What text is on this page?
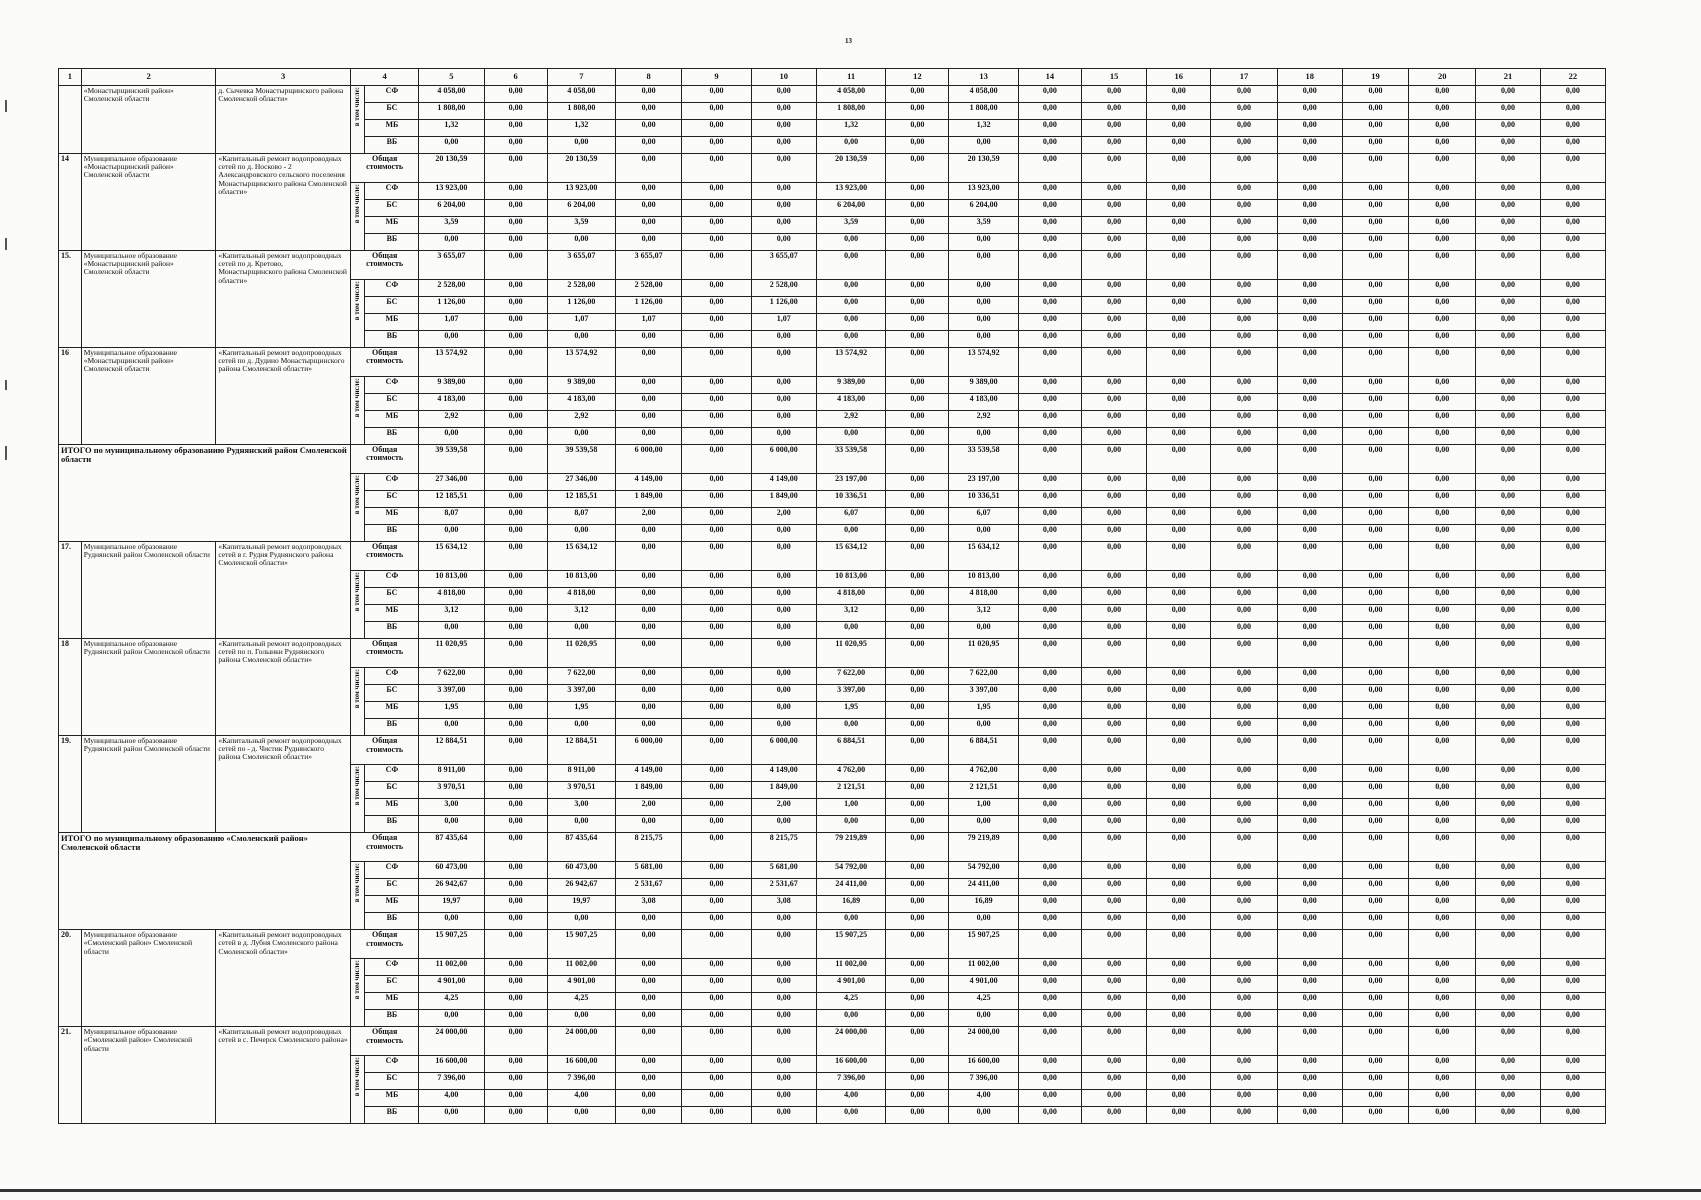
13
1	2	3	4		5	6	7	8	9	10	11	12	13	14	15	16	17	18	19	20	21	22
	«Монастырщинский район» Смоленской области	д. Сычевка Монастырщинского района Смоленской области»	в том числе:	СФ	4 058,00	0,00	4 058,00	0,00	0,00	0,00	4 058,00	0,00	4 058,00	0,00	0,00	0,00	0,00	0,00	0,00	0,00	0,00	0,00
				БС	1 808,00	0,00	1 808,00	0,00	0,00	0,00	1 808,00	0,00	1 808,00	0,00	0,00	0,00	0,00	0,00	0,00	0,00	0,00	0,00
				МБ	1,32	0,00	1,32	0,00	0,00	0,00	1,32	0,00	1,32	0,00	0,00	0,00	0,00	0,00	0,00	0,00	0,00	0,00
				ВБ	0,00	0,00	0,00	0,00	0,00	0,00	0,00	0,00	0,00	0,00	0,00	0,00	0,00	0,00	0,00	0,00	0,00	0,00
14	Муниципальное образование «Монастырщинский район» Смоленской области	«Капитальный ремонт водопроводных сетей по д. Носково - 2 Александровского сельского поселения Монастырщинского района Смоленской области»	Общая стоимость		20 130,59	0,00	20 130,59	0,00	0,00	0,00	20 130,59	0,00	20 130,59	0,00	0,00	0,00	0,00	0,00	0,00	0,00	0,00	0,00
			в том числе:	СФ	13 923,00	0,00	13 923,00	0,00	0,00	0,00	13 923,00	0,00	13 923,00	0,00	0,00	0,00	0,00	0,00	0,00	0,00	0,00	0,00
				БС	6 204,00	0,00	6 204,00	0,00	0,00	0,00	6 204,00	0,00	6 204,00	0,00	0,00	0,00	0,00	0,00	0,00	0,00	0,00	0,00
				МБ	3,59	0,00	3,59	0,00	0,00	0,00	3,59	0,00	3,59	0,00	0,00	0,00	0,00	0,00	0,00	0,00	0,00	0,00
				ВБ	0,00	0,00	0,00	0,00	0,00	0,00	0,00	0,00	0,00	0,00	0,00	0,00	0,00	0,00	0,00	0,00	0,00	0,00
15.	Муниципальное образование «Монастырщинский район» Смоленской области	«Капитальный ремонт водопроводных сетей по д. Кретово, Монастырщинского района Смоленской области»	Общая стоимость		3 655,07	0,00	3 655,07	3 655,07	0,00	3 655,07	0,00	0,00	0,00	0,00	0,00	0,00	0,00	0,00	0,00	0,00	0,00	0,00
			в том числе:	СФ	2 528,00	0,00	2 528,00	2 528,00	0,00	2 528,00	0,00	0,00	0,00	0,00	0,00	0,00	0,00	0,00	0,00	0,00	0,00	0,00
				БС	1 126,00	0,00	1 126,00	1 126,00	0,00	1 126,00	0,00	0,00	0,00	0,00	0,00	0,00	0,00	0,00	0,00	0,00	0,00	0,00
				МБ	1,07	0,00	1,07	1,07	0,00	1,07	0,00	0,00	0,00	0,00	0,00	0,00	0,00	0,00	0,00	0,00	0,00	0,00
				ВБ	0,00	0,00	0,00	0,00	0,00	0,00	0,00	0,00	0,00	0,00	0,00	0,00	0,00	0,00	0,00	0,00	0,00	0,00
16	Муниципальное образование «Монастырщинский район» Смоленской области	«Капитальный ремонт водопроводных сетей по д. Дудино Монастырщинского района Смоленской области»	Общая стоимость		13 574,92	0,00	13 574,92	0,00	0,00	0,00	13 574,92	0,00	13 574,92	0,00	0,00	0,00	0,00	0,00	0,00	0,00	0,00	0,00
			в том числе:	СФ	9 389,00	0,00	9 389,00	0,00	0,00	0,00	9 389,00	0,00	9 389,00	0,00	0,00	0,00	0,00	0,00	0,00	0,00	0,00	0,00
				БС	4 183,00	0,00	4 183,00	0,00	0,00	0,00	4 183,00	0,00	4 183,00	0,00	0,00	0,00	0,00	0,00	0,00	0,00	0,00	0,00
				МБ	2,92	0,00	2,92	0,00	0,00	0,00	2,92	0,00	2,92	0,00	0,00	0,00	0,00	0,00	0,00	0,00	0,00	0,00
				ВБ	0,00	0,00	0,00	0,00	0,00	0,00	0,00	0,00	0,00	0,00	0,00	0,00	0,00	0,00	0,00	0,00	0,00	0,00
ИТОГО по муниципальному образованию Руднянский район Смоленской области			Общая стоимость		39 539,58	0,00	39 539,58	6 000,00	0,00	6 000,00	33 539,58	0,00	33 539,58	0,00	0,00	0,00	0,00	0,00	0,00	0,00	0,00	0,00
			в том числе:	СФ	27 346,00	0,00	27 346,00	4 149,00	0,00	4 149,00	23 197,00	0,00	23 197,00	0,00	0,00	0,00	0,00	0,00	0,00	0,00	0,00	0,00
				БС	12 185,51	0,00	12 185,51	1 849,00	0,00	1 849,00	10 336,51	0,00	10 336,51	0,00	0,00	0,00	0,00	0,00	0,00	0,00	0,00	0,00
				МБ	8,07	0,00	8,07	2,00	0,00	2,00	6,07	0,00	6,07	0,00	0,00	0,00	0,00	0,00	0,00	0,00	0,00	0,00
				ВБ	0,00	0,00	0,00	0,00	0,00	0,00	0,00	0,00	0,00	0,00	0,00	0,00	0,00	0,00	0,00	0,00	0,00	0,00
17.	Муниципальное образование Руднянский район Смоленской области	«Капитальный ремонт водопроводных сетей в г. Рудня Руднянского района Смоленской области»	Общая стоимость		15 634,12	0,00	15 634,12	0,00	0,00	0,00	15 634,12	0,00	15 634,12	0,00	0,00	0,00	0,00	0,00	0,00	0,00	0,00	0,00
			в том числе:	СФ	10 813,00	0,00	10 813,00	0,00	0,00	0,00	10 813,00	0,00	10 813,00	0,00	0,00	0,00	0,00	0,00	0,00	0,00	0,00	0,00
				БС	4 818,00	0,00	4 818,00	0,00	0,00	0,00	4 818,00	0,00	4 818,00	0,00	0,00	0,00	0,00	0,00	0,00	0,00	0,00	0,00
				МБ	3,12	0,00	3,12	0,00	0,00	0,00	3,12	0,00	3,12	0,00	0,00	0,00	0,00	0,00	0,00	0,00	0,00	0,00
				ВБ	0,00	0,00	0,00	0,00	0,00	0,00	0,00	0,00	0,00	0,00	0,00	0,00	0,00	0,00	0,00	0,00	0,00	0,00
18	Муниципальное образование Руднянский район Смоленской области	«Капитальный ремонт водопроводных сетей по п. Голынки Руднянского района Смоленской области»	Общая стоимость		11 020,95	0,00	11 020,95	0,00	0,00	0,00	11 020,95	0,00	11 020,95	0,00	0,00	0,00	0,00	0,00	0,00	0,00	0,00	0,00
			в том числе:	СФ	7 622,00	0,00	7 622,00	0,00	0,00	0,00	7 622,00	0,00	7 622,00	0,00	0,00	0,00	0,00	0,00	0,00	0,00	0,00	0,00
				БС	3 397,00	0,00	3 397,00	0,00	0,00	0,00	3 397,00	0,00	3 397,00	0,00	0,00	0,00	0,00	0,00	0,00	0,00	0,00	0,00
				МБ	1,95	0,00	1,95	0,00	0,00	0,00	1,95	0,00	1,95	0,00	0,00	0,00	0,00	0,00	0,00	0,00	0,00	0,00
				ВБ	0,00	0,00	0,00	0,00	0,00	0,00	0,00	0,00	0,00	0,00	0,00	0,00	0,00	0,00	0,00	0,00	0,00	0,00
19.	Муниципальное образование Руднянский район Смоленской области	«Капитальный ремонт водопроводных сетей по - д. Чистик Руднянского района Смоленской области»	Общая стоимость		12 884,51	0,00	12 884,51	6 000,00	0,00	6 000,00	6 884,51	0,00	6 884,51	0,00	0,00	0,00	0,00	0,00	0,00	0,00	0,00	0,00
			в том числе:	СФ	8 911,00	0,00	8 911,00	4 149,00	0,00	4 149,00	4 762,00	0,00	4 762,00	0,00	0,00	0,00	0,00	0,00	0,00	0,00	0,00	0,00
				БС	3 970,51	0,00	3 970,51	1 849,00	0,00	1 849,00	2 121,51	0,00	2 121,51	0,00	0,00	0,00	0,00	0,00	0,00	0,00	0,00	0,00
				МБ	3,00	0,00	3,00	2,00	0,00	2,00	1,00	0,00	1,00	0,00	0,00	0,00	0,00	0,00	0,00	0,00	0,00	0,00
				ВБ	0,00	0,00	0,00	0,00	0,00	0,00	0,00	0,00	0,00	0,00	0,00	0,00	0,00	0,00	0,00	0,00	0,00	0,00
ИТОГО по муниципальному образованию «Смоленский район» Смоленской области			Общая стоимость		87 435,64	0,00	87 435,64	8 215,75	0,00	8 215,75	79 219,89	0,00	79 219,89	0,00	0,00	0,00	0,00	0,00	0,00	0,00	0,00	0,00
			в том числе:	СФ	60 473,00	0,00	60 473,00	5 681,00	0,00	5 681,00	54 792,00	0,00	54 792,00	0,00	0,00	0,00	0,00	0,00	0,00	0,00	0,00	0,00
				БС	26 942,67	0,00	26 942,67	2 531,67	0,00	2 531,67	24 411,00	0,00	24 411,00	0,00	0,00	0,00	0,00	0,00	0,00	0,00	0,00	0,00
				МБ	19,97	0,00	19,97	3,08	0,00	3,08	16,89	0,00	16,89	0,00	0,00	0,00	0,00	0,00	0,00	0,00	0,00	0,00
				ВБ	0,00	0,00	0,00	0,00	0,00	0,00	0,00	0,00	0,00	0,00	0,00	0,00	0,00	0,00	0,00	0,00	0,00	0,00
20.	Муниципальное образование «Смоленский район» Смоленской области	«Капитальный ремонт водопроводных сетей в д. Лубня Смоленского района Смоленской области»	Общая стоимость		15 907,25	0,00	15 907,25	0,00	0,00	0,00	15 907,25	0,00	15 907,25	0,00	0,00	0,00	0,00	0,00	0,00	0,00	0,00	0,00
			в том числе:	СФ	11 002,00	0,00	11 002,00	0,00	0,00	0,00	11 002,00	0,00	11 002,00	0,00	0,00	0,00	0,00	0,00	0,00	0,00	0,00	0,00
				БС	4 901,00	0,00	4 901,00	0,00	0,00	0,00	4 901,00	0,00	4 901,00	0,00	0,00	0,00	0,00	0,00	0,00	0,00	0,00	0,00
				МБ	4,25	0,00	4,25	0,00	0,00	0,00	4,25	0,00	4,25	0,00	0,00	0,00	0,00	0,00	0,00	0,00	0,00	0,00
				ВБ	0,00	0,00	0,00	0,00	0,00	0,00	0,00	0,00	0,00	0,00	0,00	0,00	0,00	0,00	0,00	0,00	0,00	0,00
21.	Муниципальное образование «Смоленский район» Смоленской области	«Капитальный ремонт водопроводных сетей в с. Печерск Смоленского района»	Общая стоимость		24 000,00	0,00	24 000,00	0,00	0,00	0,00	24 000,00	0,00	24 000,00	0,00	0,00	0,00	0,00	0,00	0,00	0,00	0,00	0,00
			в том числе:	СФ	16 600,00	0,00	16 600,00	0,00	0,00	0,00	16 600,00	0,00	16 600,00	0,00	0,00	0,00	0,00	0,00	0,00	0,00	0,00	0,00
				БС	7 396,00	0,00	7 396,00	0,00	0,00	0,00	7 396,00	0,00	7 396,00	0,00	0,00	0,00	0,00	0,00	0,00	0,00	0,00	0,00
				МБ	4,00	0,00	4,00	0,00	0,00	0,00	4,00	0,00	4,00	0,00	0,00	0,00	0,00	0,00	0,00	0,00	0,00	0,00
				ВБ	0,00	0,00	0,00	0,00	0,00	0,00	0,00	0,00	0,00	0,00	0,00	0,00	0,00	0,00	0,00	0,00	0,00	0,00
